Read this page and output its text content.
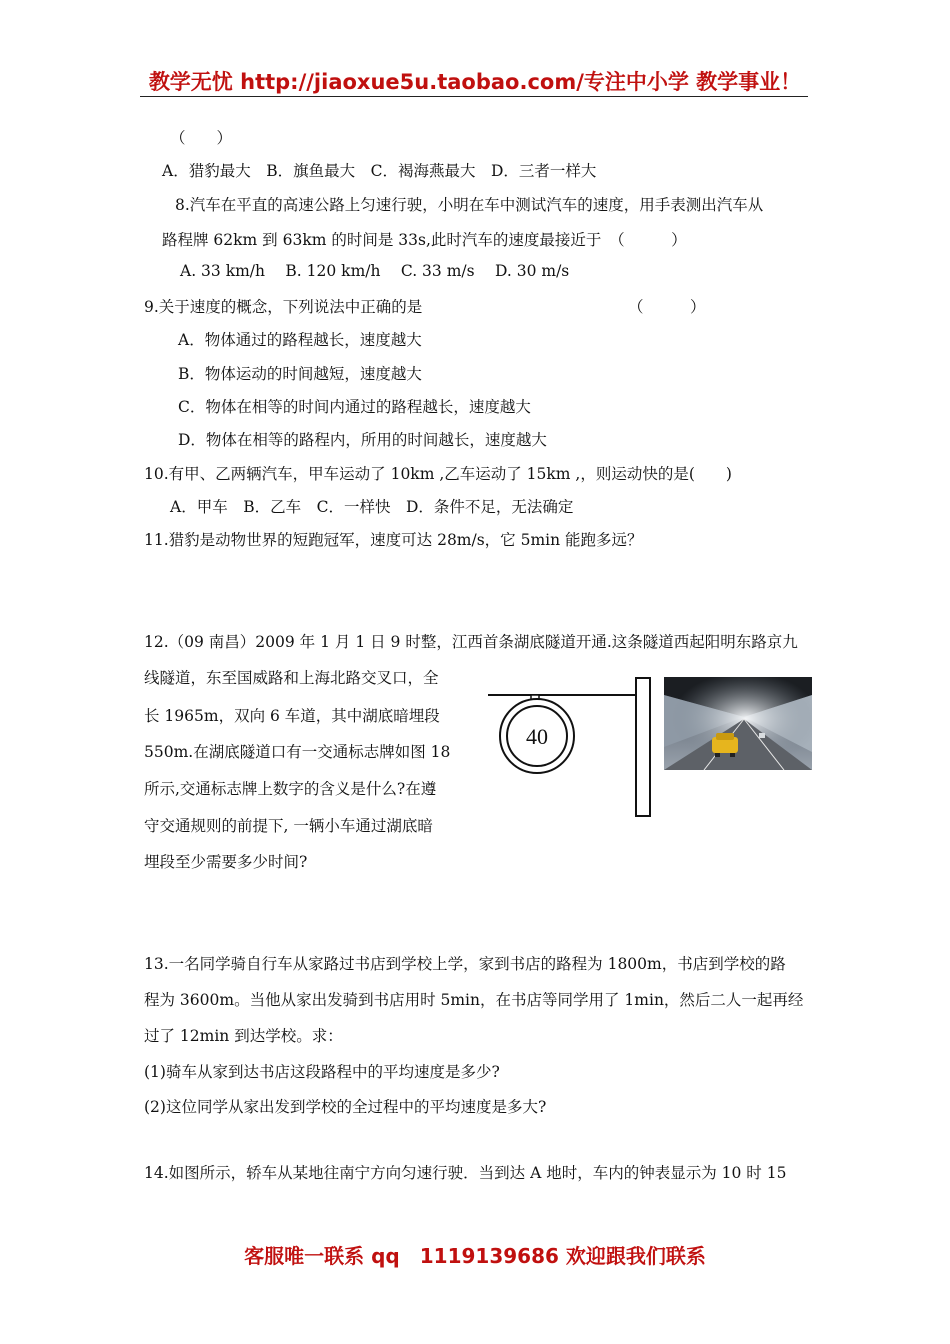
教学无忧 http://jiaoxue5u.taobao.com/专注中小学 教学事业！
（　　）
A．猎豹最大　B．旗鱼最大　C．褐海燕最大　D．三者一样大
8.汽车在平直的高速公路上匀速行驶，小明在车中测试汽车的速度，用手表测出汽车从
路程牌 62km 到 63km 的时间是 33s,此时汽车的速度最接近于　（　　　）
A. 33 km/h　 B. 120 km/h　 C. 33 m/s　 D. 30 m/s
9.关于速度的概念，下列说法中正确的是	（　　　）
A．物体通过的路程越长，速度越大
B．物体运动的时间越短，速度越大
C．物体在相等的时间内通过的路程越长，速度越大
D．物体在相等的路程内，所用的时间越长，速度越大
10.有甲、乙两辆汽车，甲车运动了 10km ,乙车运动了 15km ,，则运动快的是(　　)
A．甲车　B．乙车　C．一样快　D．条件不足，无法确定
11.猎豹是动物世界的短跑冠军，速度可达 28m/s，它 5min 能跑多远？
12.（09 南昌）2009 年 1 月 1 日 9 时整，江西首条湖底隧道开通.这条隧道西起阳明东路京九
线隧道，东至国威路和上海北路交叉口，全
长 1965m，双向 6 车道，其中湖底暗埋段
550m.在湖底隧道口有一交通标志牌如图 18
所示,交通标志牌上数字的含义是什么?在遵
守交通规则的前提下, 一辆小车通过湖底暗
埋段至少需要多少时间?
40
13.一名同学骑自行车从家路过书店到学校上学，家到书店的路程为 1800m，书店到学校的路
程为 3600m。当他从家出发骑到书店用时 5min，在书店等同学用了 1min，然后二人一起再经
过了 12min 到达学校。求：
(1)骑车从家到达书店这段路程中的平均速度是多少?
(2)这位同学从家出发到学校的全过程中的平均速度是多大?
14.如图所示，轿车从某地往南宁方向匀速行驶．当到达 A 地时，车内的钟表显示为 10 时 15
客服唯一联系 qq　1119139686 欢迎跟我们联系
